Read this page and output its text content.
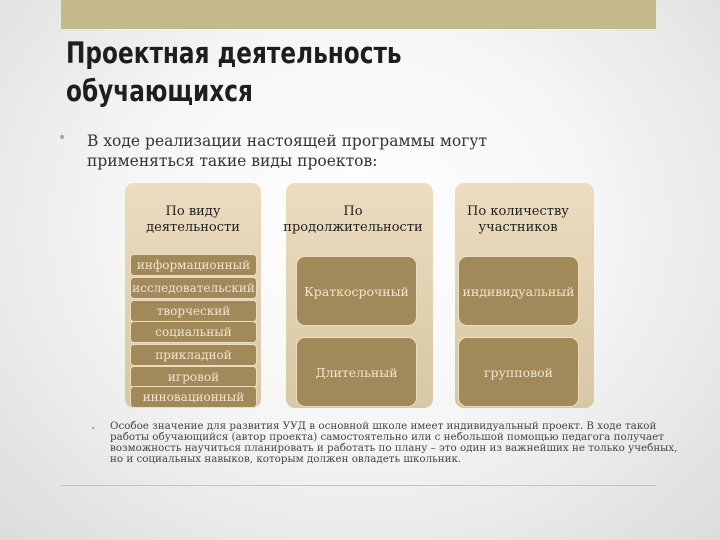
Проектная деятельность
обучающихся
• В ходе реализации настоящей программы могут применяться такие виды проектов:
По виду
деятельности
По
продолжительности
По количеству
участников
информационный
исследовательский
творческий
социальный
прикладной
игровой
инновационный
Краткосрочный
Длительный
индивидуальный
групповой
• Особое значение для развития УУД в основной школе имеет индивидуальный проект. В ходе такой работы обучающийся (автор проекта) самостоятельно или с небольшой помощью педагога получает возможность научиться планировать и работать по плану – это один из важнейших не только учебных, но и социальных навыков, которым должен овладеть школьник.
